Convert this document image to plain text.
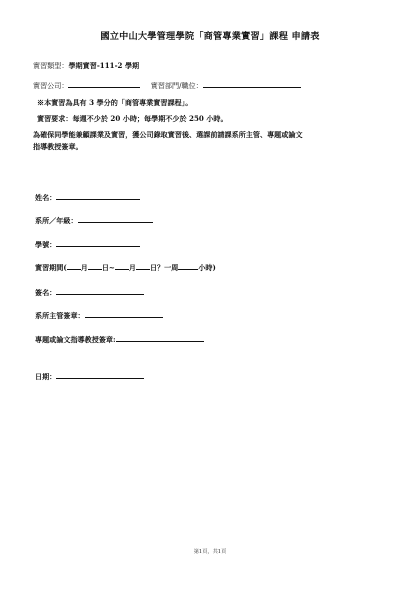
國立中山大學管理學院「商管專業實習」課程 申請表
實習類型：學期實習-111-2 學期
實習公司：	實習部門/職位：
※本實習為具有 3 學分的「商管專業實習課程」。
實習要求：每週不少於 20 小時；每學期不少於 250 小時。
為確保同學能兼顧課業及實習，獲公司錄取實習後、選課前請課系所主管、專題或論文
指導教授簽章。
姓名：
系所／年級：
學號：
實習期間( 月 日~ 月 日？一周	小時)
簽名：
系所主管簽章：
專題或論文指導教授簽章:
日期：
第1頁，共1頁
